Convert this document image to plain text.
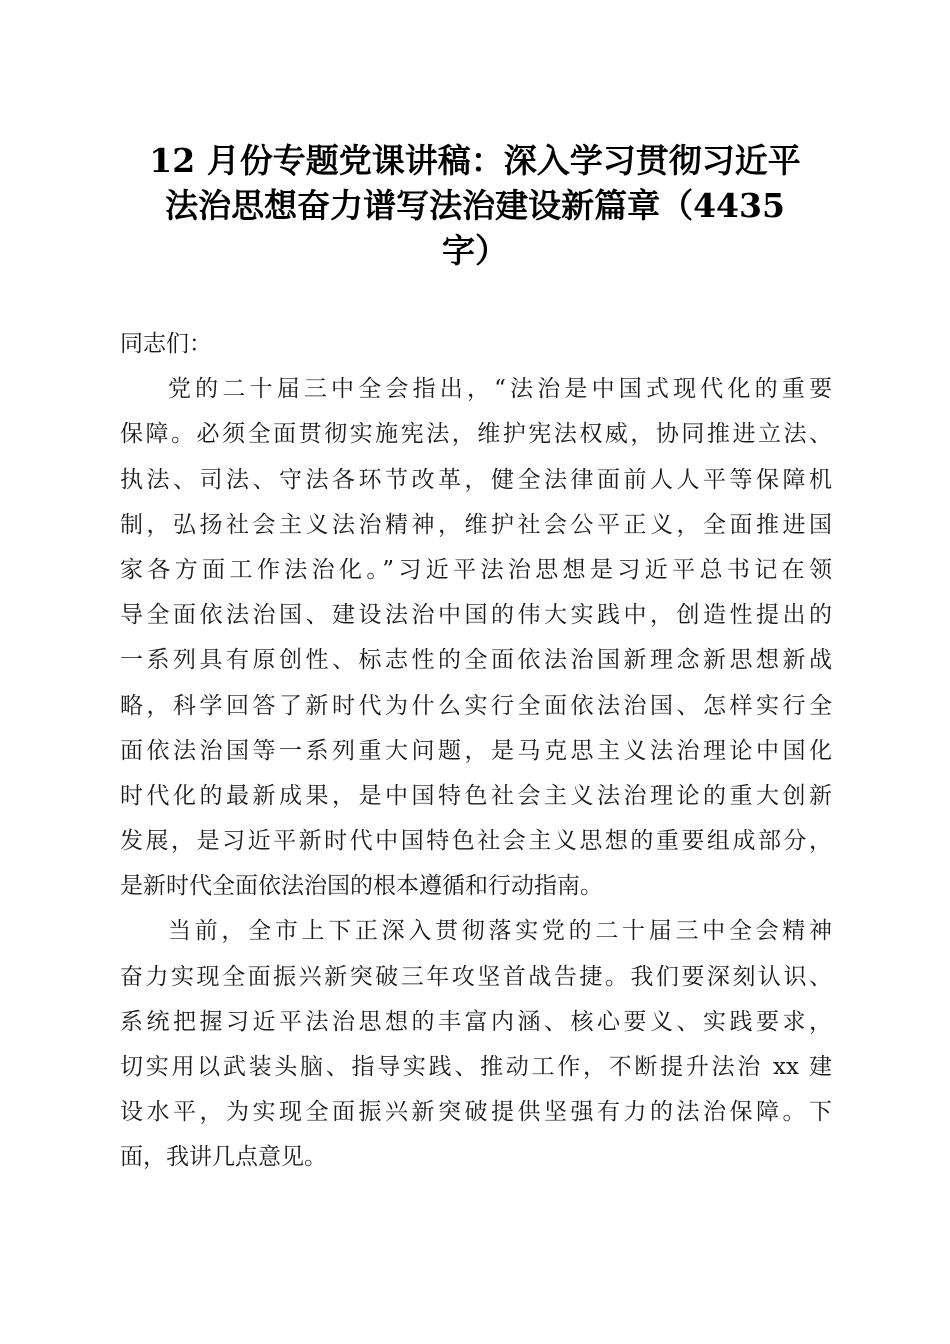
12 月份专题党课讲稿：深入学习贯彻习近平
法治思想奋力谱写法治建设新篇章（4435
字）
同志们：
党的二十届三中全会指出，“法治是中国式现代化的重要
保障。必须全面贯彻实施宪法，维护宪法权威，协同推进立法、
执法、司法、守法各环节改革，健全法律面前人人平等保障机
制，弘扬社会主义法治精神，维护社会公平正义，全面推进国
家各方面工作法治化。”习近平法治思想是习近平总书记在领
导全面依法治国、建设法治中国的伟大实践中，创造性提出的
一系列具有原创性、标志性的全面依法治国新理念新思想新战
略，科学回答了新时代为什么实行全面依法治国、怎样实行全
面依法治国等一系列重大问题，是马克思主义法治理论中国化
时代化的最新成果，是中国特色社会主义法治理论的重大创新
发展，是习近平新时代中国特色社会主义思想的重要组成部分，
是新时代全面依法治国的根本遵循和行动指南。
当前，全市上下正深入贯彻落实党的二十届三中全会精神
奋力实现全面振兴新突破三年攻坚首战告捷。我们要深刻认识、
系统把握习近平法治思想的丰富内涵、核心要义、实践要求，
切实用以武装头脑、指导实践、推动工作，不断提升法治 xx 建
设水平，为实现全面振兴新突破提供坚强有力的法治保障。下
面，我讲几点意见。
